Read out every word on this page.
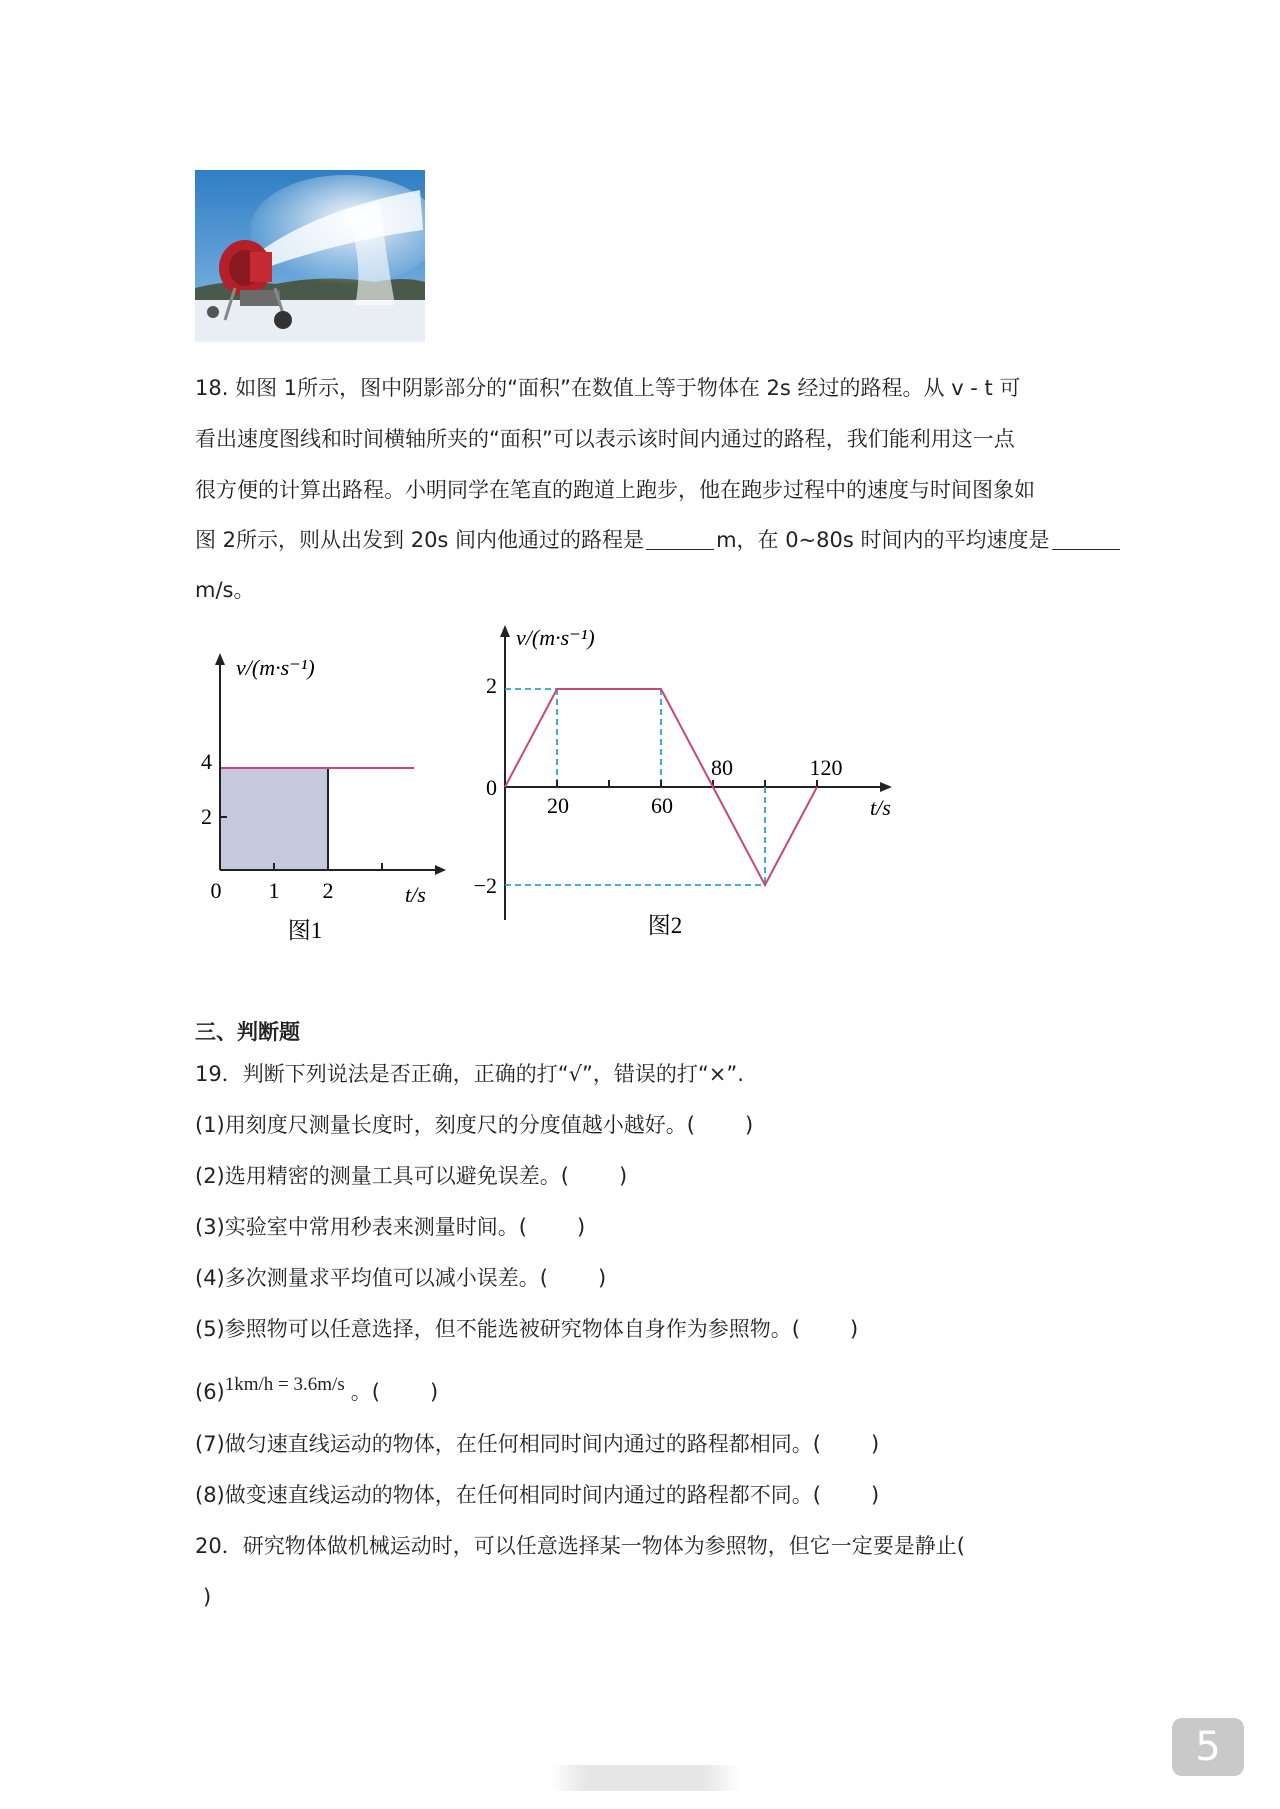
18. 如图 1所示，图中阴影部分的“面积”在数值上等于物体在 2s 经过的路程。从 v - t 可
看出速度图线和时间横轴所夹的“面积”可以表示该时间内通过的路程，我们能利用这一点
很方便的计算出路程。小明同学在笔直的跑道上跑步，他在跑步过程中的速度与时间图象如
图 2所示，则从出发到 20s 间内他通过的路程是	m，在 0~80s 时间内的平均速度是
m/s。
v/(m·s⁻¹)
4
2
0 1 2	t/s
图1
v/(m·s⁻¹)
2
0
−2
20	60
80	120
t/s
图2
三、判断题
19．判断下列说法是否正确，正确的打“√”，错误的打“×”.
(1)用刻度尺测量长度时，刻度尺的分度值越小越好。( )
(2)选用精密的测量工具可以避免误差。( )
(3)实验室中常用秒表来测量时间。( )
(4)多次测量求平均值可以减小误差。( )
(5)参照物可以任意选择，但不能选被研究物体自身作为参照物。( )
(6)1km/h = 3.6m/s 。( )
(7)做匀速直线运动的物体，在任何相同时间内通过的路程都相同。( )
(8)做变速直线运动的物体，在任何相同时间内通过的路程都不同。( )
20．研究物体做机械运动时，可以任意选择某一物体为参照物，但它一定要是静止(
)
5
